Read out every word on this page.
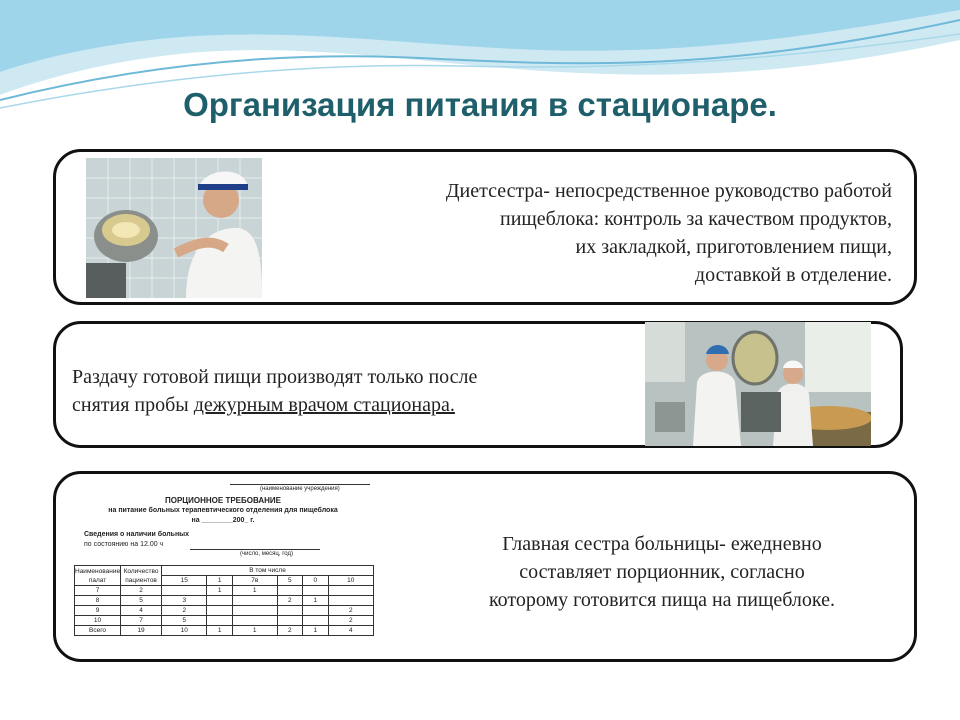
Организация питания в стационаре.
Диетсестра- непосредственное руководство работой
пищеблока: контроль за качеством продуктов,
их закладкой, приготовлением пищи,
доставкой в отделение.
Раздачу готовой пищи производят только после
снятия пробы дежурным врачом стационара.
Главная сестра больницы- ежедневно
составляет порционник, согласно
которому готовится пища на пищеблоке.
(наименование учреждения)
ПОРЦИОННОЕ ТРЕБОВАНИЕ
на питание больных терапевтического отделения для пищеблока
на ________200_ г.
Сведения о наличии больных
по состоянию на 12.00 ч
(число, месяц, год)
Наименование палат	Количество пациентов	В том числе					
		15	1	7в	5	0	10
7	2		1	1			
8	5	3			2	1	
9	4	2					2
10	7	5					2
Всего	19	10	1	1	2	1	4
